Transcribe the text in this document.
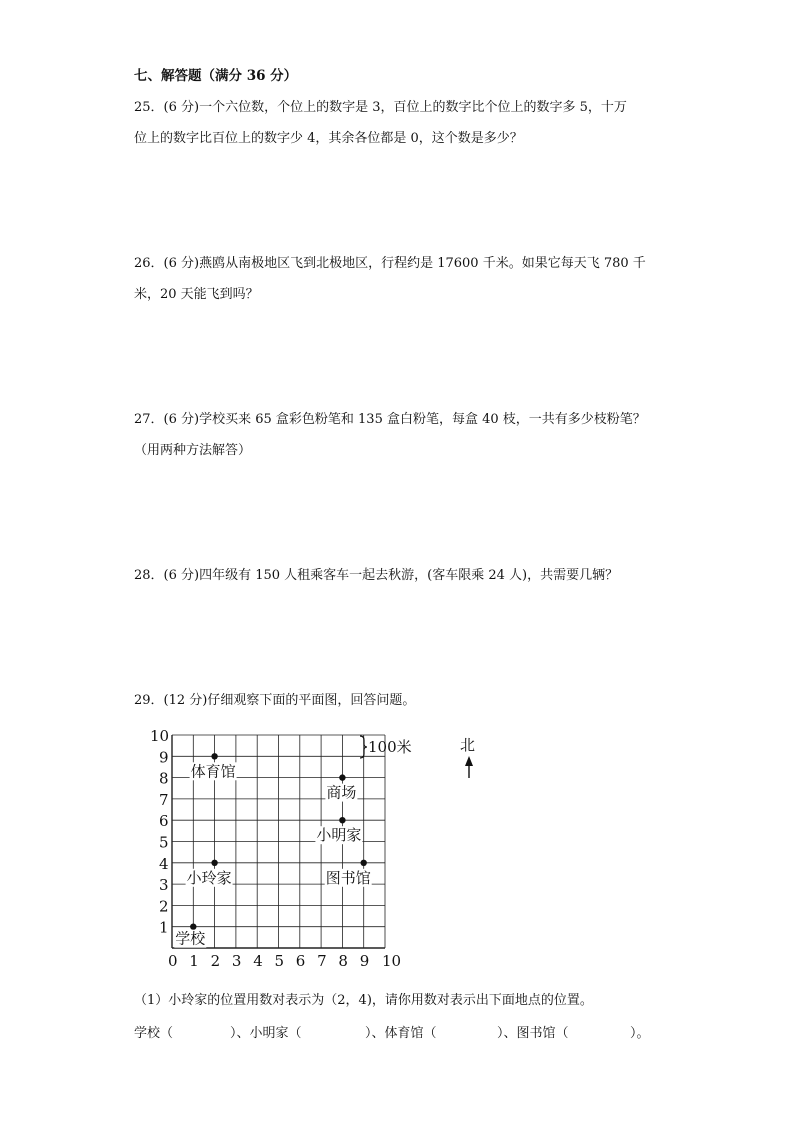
七、解答题（满分 36 分）
25．(6 分)一个六位数，个位上的数字是 3，百位上的数字比个位上的数字多 5，十万
位上的数字比百位上的数字少 4，其余各位都是 0，这个数是多少？
26．(6 分)燕鸥从南极地区飞到北极地区，行程约是 17600 千米。如果它每天飞 780 千
米，20 天能飞到吗？
27．(6 分)学校买来 65 盒彩色粉笔和 135 盒白粉笔，每盒 40 枝，一共有多少枝粉笔？
（用两种方法解答）
28．(6 分)四年级有 150 人租乘客车一起去秋游，(客车限乘 24 人)，共需要几辆？
29．(12 分)仔细观察下面的平面图，回答问题。
0 1 2 3 4 5 6 7 8 9 10
1
2
3
4
5
6
7
8
9
10
体育馆
商场
小明家
小玲家	图书馆
学校
100米	北
（1）小玲家的位置用数对表示为（2，4)，请你用数对表示出下面地点的位置。
学校（	）、小明家（	）、体育馆（	）、图书馆（	）。
